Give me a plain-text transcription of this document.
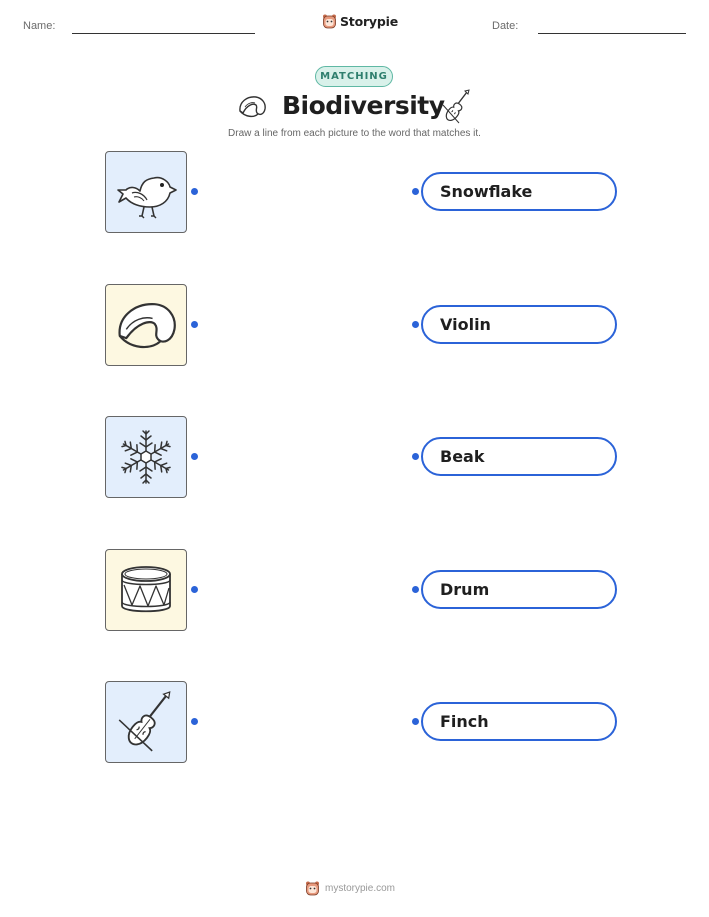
Name:	Storypie	Date:
MATCHING
Biodiversity
Draw a line from each picture to the word that matches it.
Snowflake
Violin
Beak
Drum
Finch
mystorypie.com
